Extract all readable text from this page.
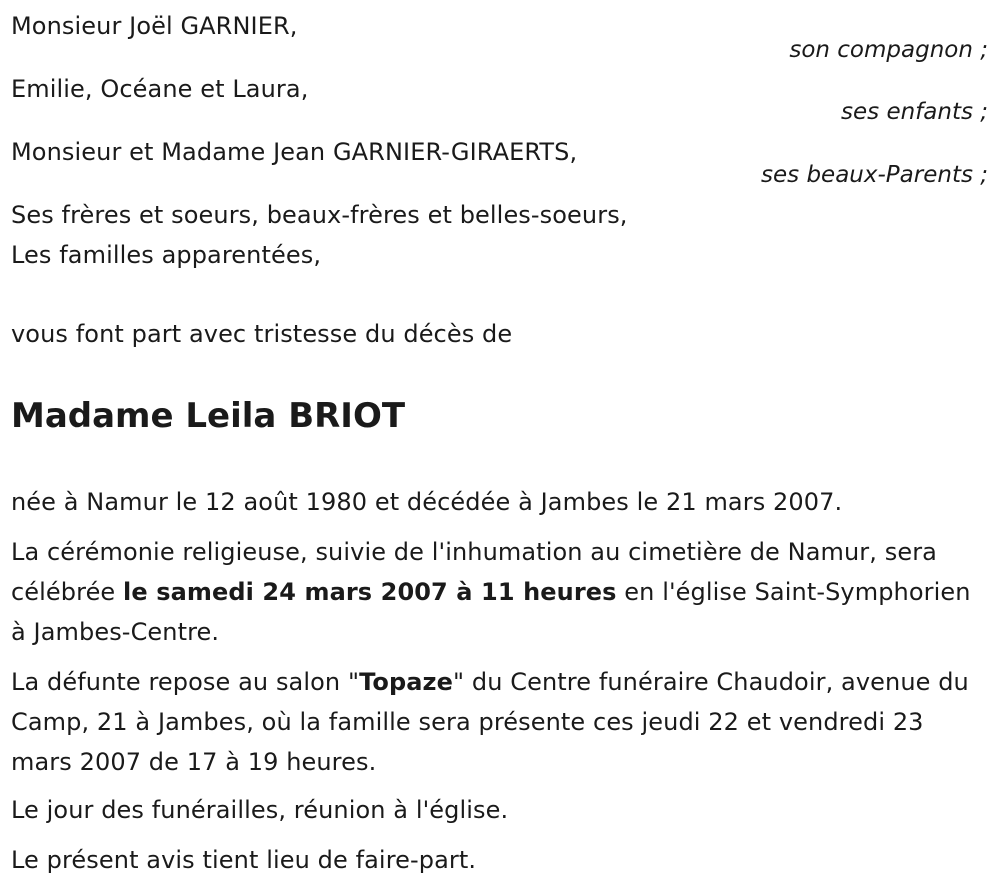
Monsieur Joël GARNIER,
son compagnon ;
Emilie, Océane et Laura,
ses enfants ;
Monsieur et Madame Jean GARNIER-GIRAERTS,
ses beaux-Parents ;
Ses frères et soeurs, beaux-frères et belles-soeurs,
Les familles apparentées,
vous font part avec tristesse du décès de
Madame Leila BRIOT
née à Namur le 12 août 1980 et décédée à Jambes le 21 mars 2007.
La cérémonie religieuse, suivie de l'inhumation au cimetière de Namur, sera célébrée le samedi 24 mars 2007 à 11 heures en l'église Saint-Symphorien à Jambes-Centre.
La défunte repose au salon "Topaze" du Centre funéraire Chaudoir, avenue du Camp, 21 à Jambes, où la famille sera présente ces jeudi 22 et vendredi 23 mars 2007 de 17 à 19 heures.
Le jour des funérailles, réunion à l'église.
Le présent avis tient lieu de faire-part.
